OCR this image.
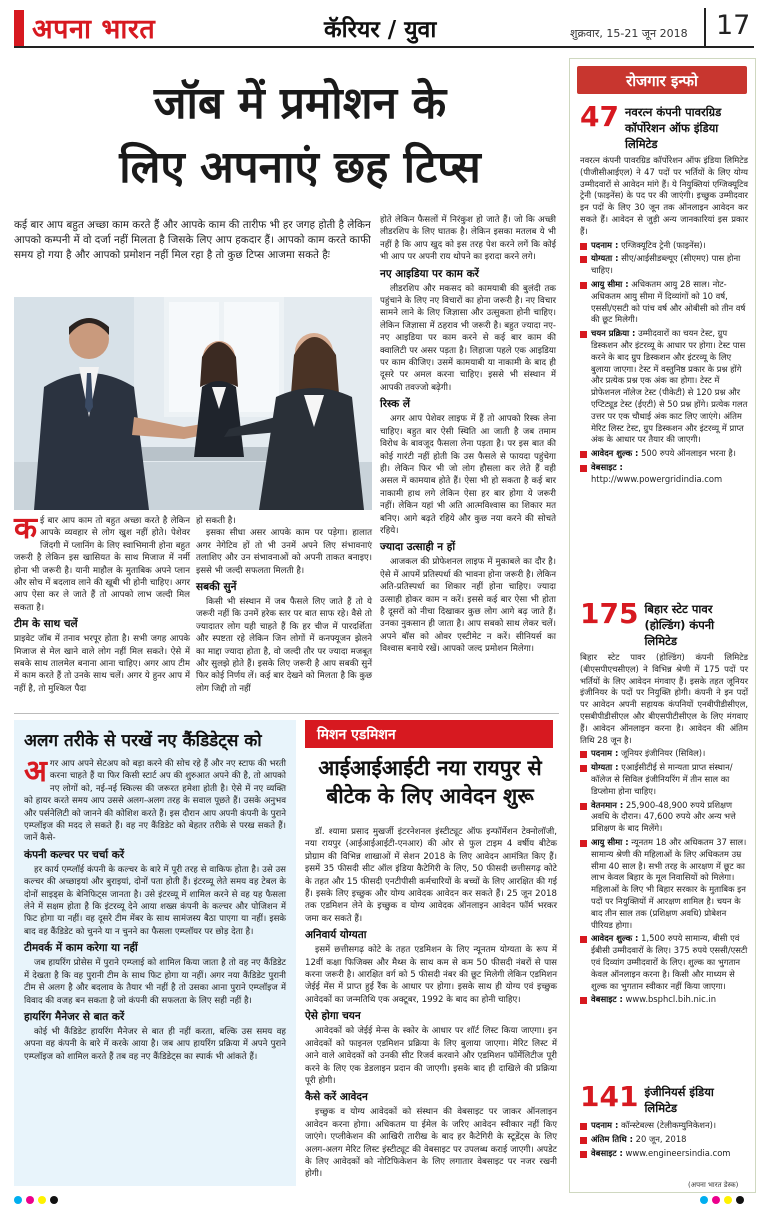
अपना भारत	कॅरियर / युवा	शुक्रवार, 15-21 जून 2018 17
जॉब में प्रमोशन के
लिए अपनाएं छह टिप्स
कई बार आप बहुत अच्छा काम करते हैं और आपके काम की तारीफ भी हर जगह होती है लेकिन आपको कम्पनी में वो दर्जा नहीं मिलता है जिसके लिए आप हकदार हैं। आपको काम करते काफी समय हो गया है और आपको प्रमोशन नहीं मिल रहा है तो कुछ टिप्स आजमा सकते हैः
क ई बार आप काम तो बहुत अच्छा करते है लेकिन आपके व्यवहार से लोग खुश नहीं होते। पेशेवर जिंदगी में प्लानिंग के लिए स्वाभिमानी होना बहुत जरूरी है लेकिन इस खासियत के साथ मिजाज में नर्मी होना भी जरूरी है। यानी माहौल के मुताबिक अपने प्लान और सोच में बदलाव लाने की खूबी भी होनी चाहिए। अगर आप ऐसा कर ले जाते हैं तो आपको लाभ जल्दी मिल सकता है।
टीम के साथ चलें
प्राइवेट जॉब में तनाव भरपूर होता है। सभी जगह आपके मिजाज से मेल खाने वाले लोग नहीं मिल सकते। ऐसे में सबके साथ तालमेल बनाना आना चाहिए। अगर आप टीम में काम करते हैं तो उनके साथ चलें। अगर ये हुनर आप में नहीं है, तो मुश्किल पैदा
हो सकती है।
इसका सीधा असर आपके काम पर पड़ेगा। हालात अगर नेगेटिव हों तो भी उनमें अपने लिए संभावनाएं तलाशिए और उन संभावनाओं को अपनी ताकत बनाइए। इससे भी जल्दी सफलता मिलती है।
सबकी सुनें
किसी भी संस्थान में जब फैसले लिए जाते हैं तो ये जरूरी नहीं कि उनमें हरेक स्तर पर बात साफ रहे। वैसे तो ज्यादातर लोग यही चाहते हैं कि हर चीज में पारदर्शिता और स्पष्टता रहे लेकिन जिन लोगों में कनफ्यूजन झेलने का माद्दा ज्यादा होता है, वो जल्दी तौर पर ज्यादा मजबूत और सुलझे होते हैं। इसके लिए जरूरी है आप सबकी सुनें फिर कोई निर्णय लें। कई बार देखने को मिलता है कि कुछ लोग जिद्दी तो नहीं
होते लेकिन फैसलों में निरंकुश हो जाते हैं। जो कि अच्छी लीडरशिप के लिए घातक है। लेकिन इसका मतलब ये भी नहीं है कि आप खुद को इस तरह पेश करने लगें कि कोई भी आप पर अपनी राय थोपने का इरादा करने लगे।
नए आइडिया पर काम करें
लीडरशिप और मकसद को कामयाबी की बुलंदी तक पहुंचाने के लिए नए विचारों का होना जरूरी है। नए विचार सामने लाने के लिए जिज्ञासा और उत्सुकता होनी चाहिए। लेकिन जिज्ञासा में ठहराव भी जरूरी है। बहुत ज्यादा नए-नए आइडिया पर काम करने से कई बार काम की क्वालिटी पर असर पड़ता है। लिहाजा पहले एक आइडिया पर काम कीजिए। उसमें कामयाबी या नाकामी के बाद ही दूसरे पर अमल करना चाहिए। इससे भी संस्थान में आपकी तवज्जो बढ़ेगी।
रिस्क लें
अगर आप पेशेवर लाइफ में हैं तो आपको रिस्क लेना चाहिए। बहुत बार ऐसी स्थिति आ जाती है जब तमाम विरोध के बावजूद फैसला लेना पड़ता है। पर इस बात की कोई गारंटी नहीं होती कि उस फैसले से फायदा पहुंचेगा ही। लेकिन फिर भी जो लोग हौसला कर लेते हैं वही असल में कामयाब होते हैं। ऐसा भी हो सकता है कई बार नाकामी हाथ लगे लेकिन ऐसा हर बार होगा ये जरूरी नहीं। लेकिन यहां भी अति आत्मविश्वास का शिकार मत बनिए। आगे बढ़ते रहिये और कुछ नया करने की सोचते रहिये।
ज्यादा उत्साही न हों
आजकल की प्रोफेशनल लाइफ में मुकाबले का दौर है। ऐसे में आपमें प्रतिस्पर्धा की भावना होना जरूरी है। लेकिन अति-प्रतिस्पर्धा का शिकार नहीं होना चाहिए। ज्यादा उत्साही होकर काम न करें। इससे कई बार ऐसा भी होता है दूसरों को नीचा दिखाकर कुछ लोग आगे बढ़ जाते हैं। उनका नुकसान ही जाता है। आप सबको साथ लेकर चलें। अपने बॉस को ओवर एस्टीमेट न करें। सीनियर्स का विश्वास बनाये रखें। आपको जल्द प्रमोशन मिलेगा।
अलग तरीके से परखें नए कैंडिडेट्स को
अ गर आप अपने सेटअप को बड़ा करने की सोच रहे हैं और नए स्टाफ की भरती करना चाहते हैं या फिर किसी स्टार्ट अप की शुरुआत अपने की है, तो आपको नए लोगों को, नई-नई स्किल्स की जरूरत हमेशा होती है। ऐसे में नए व्यक्ति को हायर करते समय आप उससे अलग-अलग तरह के सवाल पूछते हैं। उसके अनुभव और पर्सनेलिटी को जानने की कोशिश करते हैं। इस दौरान आप अपनी कंपनी के पुराने एम्प्लॉइज की मदद ले सकते हैं। वह नए कैंडिडेट को बेहतर तरीके से परख सकते हैं। जानें कैसे-
कंपनी कल्चर पर चर्चा करें
हर कार्य एम्प्लॉई कंपनी के कल्चर के बारे में पूरी तरह से वाकिफ होता है। उसे उस कल्चर की अच्छाइयां और बुराइयां, दोनों पता होती हैं। इंटरव्यू लेते समय वह टेबल के दोनों साइड्स के बेनिफिट्स जानता है। उसे इंटरव्यू में शामिल करने से वह यह फैसला लेने में सक्षम होता है कि इंटरव्यू देने आया शख्स कंपनी के कल्चर और पोजिशन में फिट होगा या नहीं। वह दूसरे टीम मेंबर के साथ सामंजस्य बैठा पाएगा या नहीं। इसके बाद वह कैंडिडेट को चुनने या न चुनने का फैसला एम्प्लॉयर पर छोड़ देता है।
टीमवर्क में काम करेगा या नहीं
जब हायरिंग प्रोसेस में पुराने एम्प्लाई को शामिल किया जाता है तो वह नए कैंडिडेट में देखता है कि वह पुरानी टीम के साथ फिट होगा या नहीं। अगर नया कैंडिडेट पुरानी टीम से अलग है और बदलाव के तैयार भी नहीं है तो उसका आना पुराने एम्प्लॉइज में विवाद की वजह बन सकता है जो कंपनी की सफलता के लिए सही नहीं है।
हायरिंग मैनेजर से बात करें
कोई भी कैंडिडेट हायरिंग मैनेजर से बात ही नहीं करता, बल्कि उस समय वह अपना वह कंपनी के बारे में करके आया है। जब आप हायरिंग प्रक्रिया में अपने पुराने एम्प्लॉइज को शामिल करते हैं तब वह नए कैंडिडेट्स का स्पार्क भी आंकते हैं।
मिशन एडमिशन
आईआईआईटी नया रायपुर से बीटेक के लिए आवेदन शुरू
डॉ. श्यामा प्रसाद मुखर्जी इंटरनेशनल इंस्टीट्यूट ऑफ इन्फॉर्मेशन टेक्नोलॉजी, नया रायपुर (आईआईआईटी-एनआर) की ओर से फुल टाइम 4 वर्षीय बीटेक प्रोग्राम की विभिन्न शाखाओं में सेशन 2018 के लिए आवेदन आमंत्रित किए हैं। इसमें 35 फीसदी सीट ऑल इंडिया कैटेगिरी के लिए, 50 फीसदी छत्तीसगढ़ कोटे के तहत और 15 फीसदी एनटीपीसी कर्मचारियों के बच्चों के लिए आरक्षित की गई हैं। इसके लिए इच्छुक और योग्य आवेदक आवेदन कर सकते हैं। 25 जून 2018 तक एडमिशन लेने के इच्छुक व योग्य आवेदक ऑनलाइन आवेदन फॉर्म भरकर जमा कर सकते हैं।
अनिवार्य योग्यता
इसमें छत्तीसगढ़ कोटे के तहत एडमिशन के लिए न्यूनतम योग्यता के रूप में 12वीं कक्षा फिजिक्स और मैथ्स के साथ कम से कम 50 फीसदी नंबरों से पास करना जरूरी है। आरक्षित वर्ग को 5 फीसदी नंबर की छूट मिलेगी लेकिन एडमिशन जेईई मेंस में प्राप्त हुई रैंक के आधार पर होगा। इसके साथ ही योग्य एवं इच्छुक आवेदकों का जन्मतिथि एक अक्टूबर, 1992 के बाद का होनी चाहिए।
ऐसे होगा चयन
आवेदकों को जेईई मेन्स के स्कोर के आधार पर शॉर्ट लिस्ट किया जाएगा। इन आवेदकों को फाइनल एडमिशन प्रक्रिया के लिए बुलाया जाएगा। मेरिट लिस्ट में आने वाले आवेदकों को उनकी सीट रिजर्व करवाने और एडमिशन फॉर्मेलिटीज पूरी करने के लिए एक डेडलाइन प्रदान की जाएगी। इसके बाद ही दाखिले की प्रक्रिया पूरी होगी।
कैसे करें आवेदन
इच्छुक व योग्य आवेदकों को संस्थान की वेबसाइट पर जाकर ऑनलाइन आवेदन करना होगा। अधिकतम या ईमेल के जरिए आवेदन स्वीकार नहीं किए जाएंगे। एप्लीकेशन की आखिरी तारीख के बाद हर कैटेगिरी के स्टूडेंट्स के लिए अलग-अलग मेरिट लिस्ट इंस्टीट्यूट की वेबसाइट पर उपलब्ध कराई जाएगी। अपडेट के लिए आवेदकों को नोटिफिकेशन के लिए लगातार वेबसाइट पर नजर रखनी होगी।
रोजगार इन्फो
47 नवरत्न कंपनी पावरग्रिड कॉर्पोरेशन ऑफ इंडिया लिमिटेड
नवरत्न कंपनी पावरग्रिड कॉर्पोरेशन ऑफ इंडिया लिमिटेड (पीजीसीआईएल) ने 47 पदों पर भर्तियों के लिए योग्य उम्मीदवारों से आवेदन मांगे हैं। ये नियुक्तियां एग्जिक्यूटिव ट्रेनी (फाइनेंस) के पद पर की जाएंगी। इच्छुक उम्मीदवार इन पदों के लिए 30 जून तक ऑनलाइन आवेदन कर सकते हैं। आवेदन से जुड़ी अन्य जानकारियां इस प्रकार हैं।
पदनाम : एग्जिक्यूटिव ट्रेनी (फाइनेंस)।
योग्यता : सीए/आईसीडब्ल्यूए (सीएमए) पास होना चाहिए।
आयु सीमा : अधिकतम आयु 28 साल। नोट- अधिकतम आयु सीमा में दिव्यांगों को 10 वर्ष, एससी/एसटी को पांच वर्ष और ओबीसी को तीन वर्ष की छूट मिलेगी।
चयन प्रक्रिया : उम्मीदवारों का चयन टेस्ट, ग्रुप डिस्कशन और इंटरव्यू के आधार पर होगा। टेस्ट पास करने के बाद ग्रुप डिस्कशन और इंटरव्यू के लिए बुलाया जाएगा। टेस्ट में वस्तुनिष्ठ प्रकार के प्रश्न होंगे और प्रत्येक प्रश्न एक अंक का होगा। टेस्ट में प्रोफेशनल नॉलेज टेस्ट (पीकेटी) से 120 प्रश्न और एप्टिट्यूड टेस्ट (ईएटी) से 50 प्रश्न होंगे। प्रत्येक गलत उत्तर पर एक चौथाई अंक काट लिए जाएंगे। अंतिम मेरिट लिस्ट टेस्ट, ग्रुप डिस्कशन और इंटरव्यू में प्राप्त अंक के आधार पर तैयार की जाएगी।
आवेदन शुल्क : 500 रुपये ऑनलाइन भरना है।
वेबसाइट : http://www.powergridindia.com
175 बिहार स्टेट पावर (होल्डिंग) कंपनी लिमिटेड
बिहार स्टेट पावर (होल्डिंग) कंपनी लिमिटेड (बीएसपीएचसीएल) ने विभिन्न श्रेणी में 175 पदों पर भर्तियों के लिए आवेदन मंगवाए हैं। इसके तहत जूनियर इंजीनियर के पदों पर नियुक्ति होगी। कंपनी ने इन पदों पर आवेदन अपनी सहायक कंपनियों एनबीपीडीसीएल, एसबीपीडीसीएल और बीएसपीटीसीएल के लिए मंगवाए हैं। आवेदन ऑनलाइन करना है। आवेदन की अंतिम तिथि 28 जून है।
पदनाम : जूनियर इंजीनियर (सिविल)।
योग्यता : एआईसीटीई से मान्यता प्राप्त संस्थान/कॉलेज से सिविल इंजीनियरिंग में तीन साल का डिप्लोमा होना चाहिए।
वेतनमान : 25,900-48,900 रुपये प्रशिक्षण अवधि के दौरान। 47,600 रुपये और अन्य भत्ते प्रशिक्षण के बाद मिलेंगे।
आयु सीमा : न्यूनतम 18 और अधिकतम 37 साल। सामान्य श्रेणी की महिलाओं के लिए अधिकतम उम्र सीमा 40 साल है। सभी तरह के आरक्षण में छूट का लाभ केवल बिहार के मूल निवासियों को मिलेगा। महिलाओं के लिए भी बिहार सरकार के मुताबिक इन पदों पर नियुक्तियों में आरक्षण शामिल है। चयन के बाद तीन साल तक (प्रशिक्षण अवधि) प्रोबेशन पीरियड होगा।
आवेदन शुल्क : 1,500 रुपये सामान्य, बीसी एवं ईबीसी उम्मीदवारों के लिए। 375 रुपये एससी/एसटी एवं दिव्यांग उम्मीदवारों के लिए। शुल्क का भुगतान केवल ऑनलाइन करना है। किसी और माध्यम से शुल्क का भुगतान स्वीकार नहीं किया जाएगा।
वेबसाइट : www.bsphcl.bih.nic.in
141 इंजीनियर्स इंडिया लिमिटेड
पदनाम : कॉन्स्टेबल्स (टेलीकम्युनिकेशन)।
अंतिम तिथि : 20 जून, 2018
वेबसाइट : www.engineersindia.com
(अपना भारत डेस्क)
